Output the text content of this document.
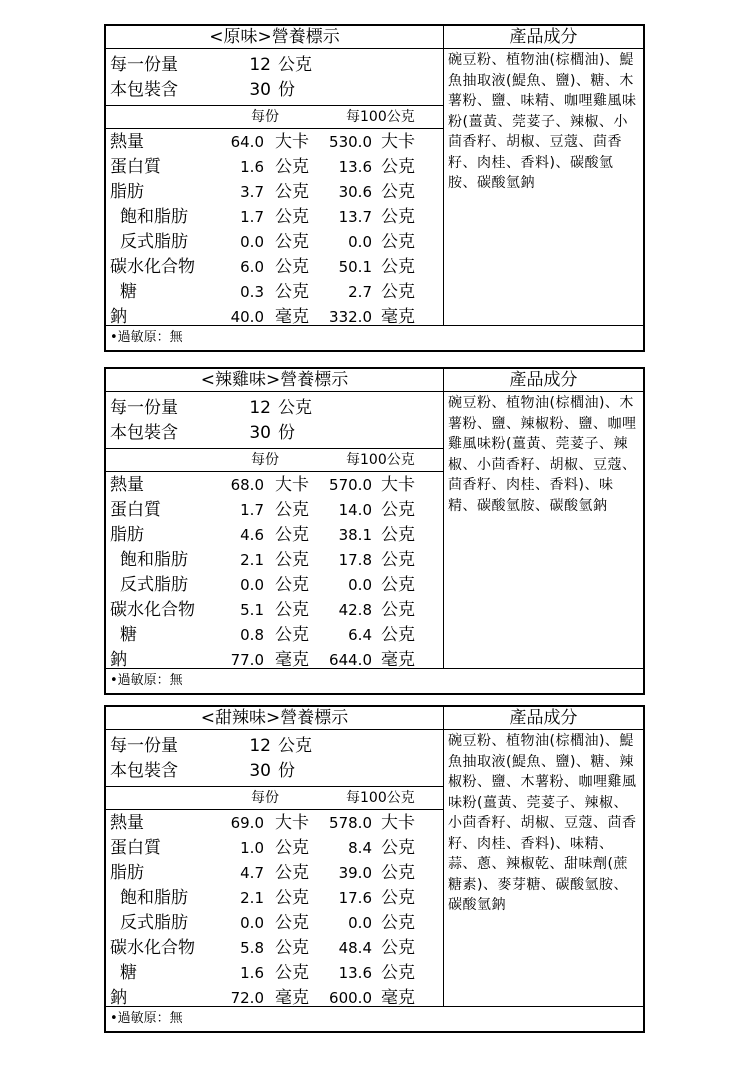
<原味>營養標示
每一份量	12 公克
本包裝含	30 份
每份	每100公克
熱量	64.0 大卡	530.0 大卡
蛋白質	1.6 公克	13.6 公克
脂肪	3.7 公克	30.6 公克
飽和脂肪	1.7 公克	13.7 公克
反式脂肪	0.0 公克	0.0 公克
碳水化合物	6.0 公克	50.1 公克
糖	0.3 公克	2.7 公克
鈉	40.0 毫克	332.0 毫克
產品成分
碗豆粉、植物油(棕櫚油)、鯷魚抽取液(鯷魚、鹽)、糖、木薯粉、鹽、味精、咖哩雞風味粉(薑黃、莞荽子、辣椒、小茴香籽、胡椒、豆蔻、茴香籽、肉桂、香料)、碳酸氫胺、碳酸氫鈉
•過敏原：無
<辣雞味>營養標示
每一份量	12 公克
本包裝含	30 份
每份	每100公克
熱量	68.0 大卡	570.0 大卡
蛋白質	1.7 公克	14.0 公克
脂肪	4.6 公克	38.1 公克
飽和脂肪	2.1 公克	17.8 公克
反式脂肪	0.0 公克	0.0 公克
碳水化合物	5.1 公克	42.8 公克
糖	0.8 公克	6.4 公克
鈉	77.0 毫克	644.0 毫克
產品成分
碗豆粉、植物油(棕櫚油)、木薯粉、鹽、辣椒粉、鹽、咖哩雞風味粉(薑黃、莞荽子、辣椒、小茴香籽、胡椒、豆蔻、茴香籽、肉桂、香料)、味精、碳酸氫胺、碳酸氫鈉
•過敏原：無
<甜辣味>營養標示
每一份量	12 公克
本包裝含	30 份
每份	每100公克
熱量	69.0 大卡	578.0 大卡
蛋白質	1.0 公克	8.4 公克
脂肪	4.7 公克	39.0 公克
飽和脂肪	2.1 公克	17.6 公克
反式脂肪	0.0 公克	0.0 公克
碳水化合物	5.8 公克	48.4 公克
糖	1.6 公克	13.6 公克
鈉	72.0 毫克	600.0 毫克
產品成分
碗豆粉、植物油(棕櫚油)、鯷魚抽取液(鯷魚、鹽)、糖、辣椒粉、鹽、木薯粉、咖哩雞風味粉(薑黃、莞荽子、辣椒、小茴香籽、胡椒、豆蔻、茴香籽、肉桂、香料)、味精、蒜、蔥、辣椒乾、甜味劑(蔗糖素)、麥芽糖、碳酸氫胺、碳酸氫鈉
•過敏原：無
